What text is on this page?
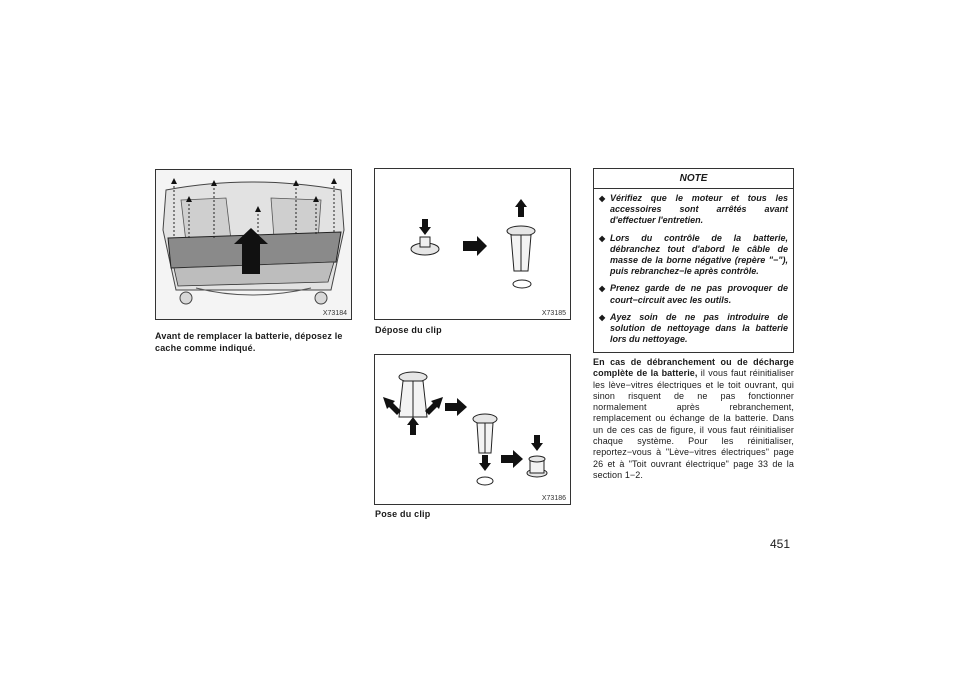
X73184
Avant de remplacer la batterie, déposez le cache comme indiqué.
X73185
Dépose du clip
X73186
Pose du clip
NOTE
◆ Vérifiez que le moteur et tous les accessoires sont arrêtés avant d'effectuer l'entretien.
◆ Lors du contrôle de la batterie, débranchez tout d'abord le câble de masse de la borne négative (repère "−"), puis rebranchez−le après contrôle.
◆ Prenez garde de ne pas provoquer de court−circuit avec les outils.
◆ Ayez soin de ne pas introduire de solution de nettoyage dans la batterie lors du nettoyage.

En cas de débranchement ou de décharge complète de la batterie, il vous faut réinitialiser les lève−vitres électriques et le toit ouvrant, qui sinon risquent de ne pas fonctionner normalement après rebranchement, remplacement ou échange de la batterie. Dans un de ces cas de figure, il vous faut réinitialiser chaque système. Pour les réinitialiser, reportez−vous à "Lève−vitres électriques" page 26 et à "Toit ouvrant électrique" page 33 de la section 1−2.

451
